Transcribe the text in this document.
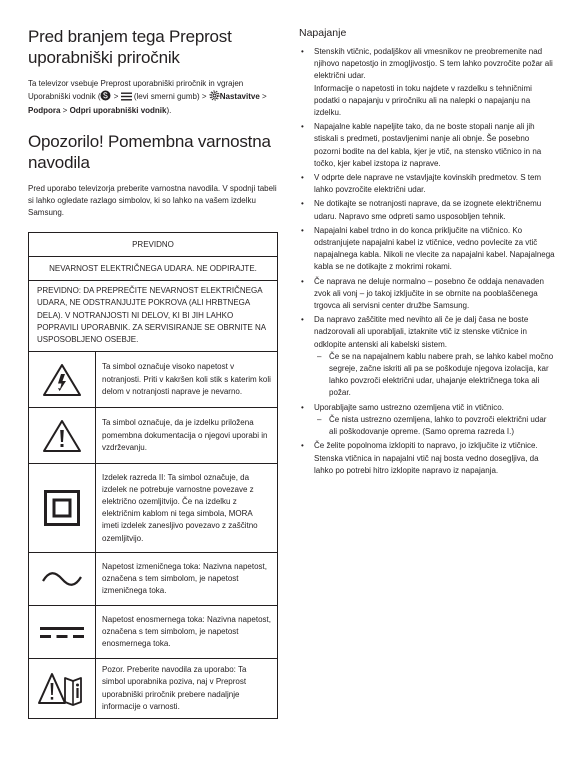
Pred branjem tega Preprost uporabniški priročnik

Ta televizor vsebuje Preprost uporabniški priročnik in vgrajen Uporabniški vodnik ( >  (levi smerni gumb) > Nastavitve > Podpora > Odpri uporabniški vodnik).

Opozorilo! Pomembna varnostna navodila

Pred uporabo televizorja preberite varnostna navodila. V spodnji tabeli si lahko ogledate razlago simbolov, ki so lahko na vašem izdelku Samsung.

PREVIDNO	
NEVARNOST ELEKTRIČNEGA UDARA. NE ODPIRAJTE.	
PREVIDNO: DA PREPREČITE NEVARNOST ELEKTRIČNEGA UDARA, NE ODSTRANJUJTE POKROVA (ALI HRBTNEGA DELA). V NOTRANJOSTI NI DELOV, KI BI JIH LAHKO POPRAVILI UPORABNIK. ZA SERVISIRANJE SE OBRNITE NA USPOSOBLJENO OSEBJE.	

	Ta simbol označuje visoko napetost v notranjosti. Priti v kakršen koli stik s katerim koli delom v notranjosti naprave je nevarno.

	Ta simbol označuje, da je izdelku priložena pomembna dokumentacija o njegovi uporabi in vzdrževanju.

	Izdelek razreda II: Ta simbol označuje, da izdelek ne potrebuje varnostne povezave z električno ozemljitvijo. Če na izdelku z električnim kablom ni tega simbola, MORA imeti izdelek zanesljivo povezavo z zaščitno ozemljitvijo.

	Napetost izmeničnega toka: Nazivna napetost, označena s tem simbolom, je napetost izmeničnega toka.

	Napetost enosmernega toka: Nazivna napetost, označena s tem simbolom, je napetost enosmernega toka.

	Pozor. Preberite navodila za uporabo: Ta simbol uporabnika poziva, naj v Preprost uporabniški priročnik prebere nadaljnje informacije o varnosti.
Napajanje
• Stenskih vtičnic, podaljškov ali vmesnikov ne preobremenite nad njihovo napetostjo in zmogljivostjo. S tem lahko povzročite požar ali električni udar.
Informacije o napetosti in toku najdete v razdelku s tehničnimi podatki o napajanju v priročniku ali na nalepki o napajanju na izdelku.
• Napajalne kable napeljite tako, da ne boste stopali nanje ali jih stiskali s predmeti, postavljenimi nanje ali obnje. Še posebno pozorni bodite na del kabla, kjer je vtič, na stensko vtičnico in na točko, kjer kabel izstopa iz naprave.
• V odprte dele naprave ne vstavljajte kovinskih predmetov. S tem lahko povzročite električni udar.
• Ne dotikajte se notranjosti naprave, da se izognete električnemu udaru. Napravo sme odpreti samo usposobljen tehnik.
• Napajalni kabel trdno in do konca priključite na vtičnico. Ko odstranjujete napajalni kabel iz vtičnice, vedno povlecite za vtič napajalnega kabla. Nikoli ne vlecite za napajalni kabel. Napajalnega kabla se ne dotikajte z mokrimi rokami.
• Če naprava ne deluje normalno – posebno če oddaja nenavaden zvok ali vonj – jo takoj izključite in se obrnite na pooblaščenega trgovca ali servisni center družbe Samsung.
• Da napravo zaščitite med nevihto ali če je dalj časa ne boste nadzorovali ali uporabljali, iztaknite vtič iz stenske vtičnice in odklopite antenski ali kabelski sistem.
– Če se na napajalnem kablu nabere prah, se lahko kabel močno segreje, začne iskriti ali pa se poškoduje njegova izolacija, kar lahko povzroči električni udar, uhajanje električnega toka ali požar.
• Uporabljajte samo ustrezno ozemljena vtič in vtičnico.
– Če nista ustrezno ozemljena, lahko to povzroči električni udar ali poškodovanje opreme. (Samo oprema razreda I.)
• Če želite popolnoma izklopiti to napravo, jo izključite iz vtičnice. Stenska vtičnica in napajalni vtič naj bosta vedno dosegljiva, da lahko po potrebi hitro izklopite napravo iz napajanja.
